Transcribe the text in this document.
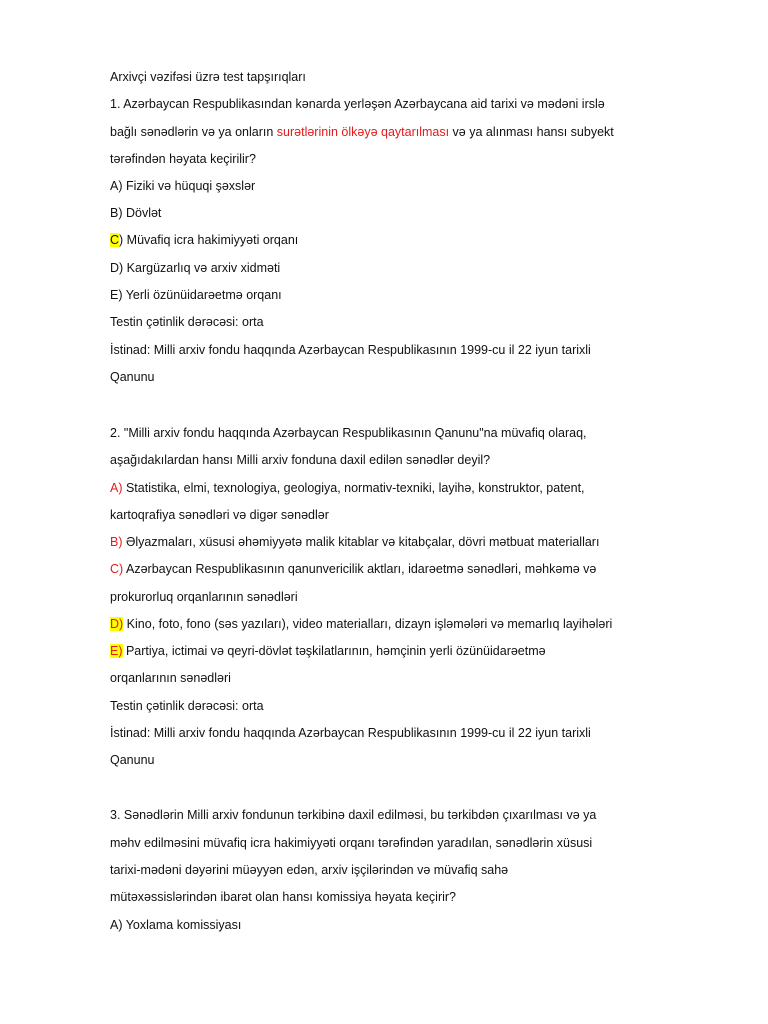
Arxivçi vəzifəsi üzrə test tapşırıqları
1. Azərbaycan Respublikasından kənarda yerləşən Azərbaycana aid tarixi və mədəni irslə
bağlı sənədlərin və ya onların surətlərinin ölkəyə qaytarılması və ya alınması hansı subyekt
tərəfindən həyata keçirilir?
A) Fiziki və hüquqi şəxslər
B) Dövlət
C) Müvafiq icra hakimiyyəti orqanı
D) Kargüzarlıq və arxiv xidməti
E) Yerli özünüidarəetmə orqanı
Testin çətinlik dərəcəsi: orta
İstinad: Milli arxiv fondu haqqında Azərbaycan Respublikasının 1999-cu il 22 iyun tarixli
Qanunu
2. "Milli arxiv fondu haqqında Azərbaycan Respublikasının Qanunu"na müvafiq olaraq,
aşağıdakılardan hansı Milli arxiv fonduna daxil edilən sənədlər deyil?
A) Statistika, elmi, texnologiya, geologiya, normativ-texniki, layihə, konstruktor, patent,
kartoqrafiya sənədləri və digər sənədlər
B) Əlyazmaları, xüsusi əhəmiyyətə malik kitablar və kitabçalar, dövri mətbuat materialları
C) Azərbaycan Respublikasının qanunvericilik aktları, idarəetmə sənədləri, məhkəmə və
prokurorluq orqanlarının sənədləri
D) Kino, foto, fono (səs yazıları), video materialları, dizayn işləmələri və memarlıq layihələri
E) Partiya, ictimai və qeyri-dövlət təşkilatlarının, həmçinin yerli özünüidarəetmə
orqanlarının sənədləri
Testin çətinlik dərəcəsi: orta
İstinad: Milli arxiv fondu haqqında Azərbaycan Respublikasının 1999-cu il 22 iyun tarixli
Qanunu
3. Sənədlərin Milli arxiv fondunun tərkibinə daxil edilməsi, bu tərkibdən çıxarılması və ya
məhv edilməsini müvafiq icra hakimiyyəti orqanı tərəfindən yaradılan, sənədlərin xüsusi
tarixi-mədəni dəyərini müəyyən edən, arxiv işçilərindən və müvafiq sahə
mütəxəssislərindən ibarət olan hansı komissiya həyata keçirir?
A) Yoxlama komissiyası
